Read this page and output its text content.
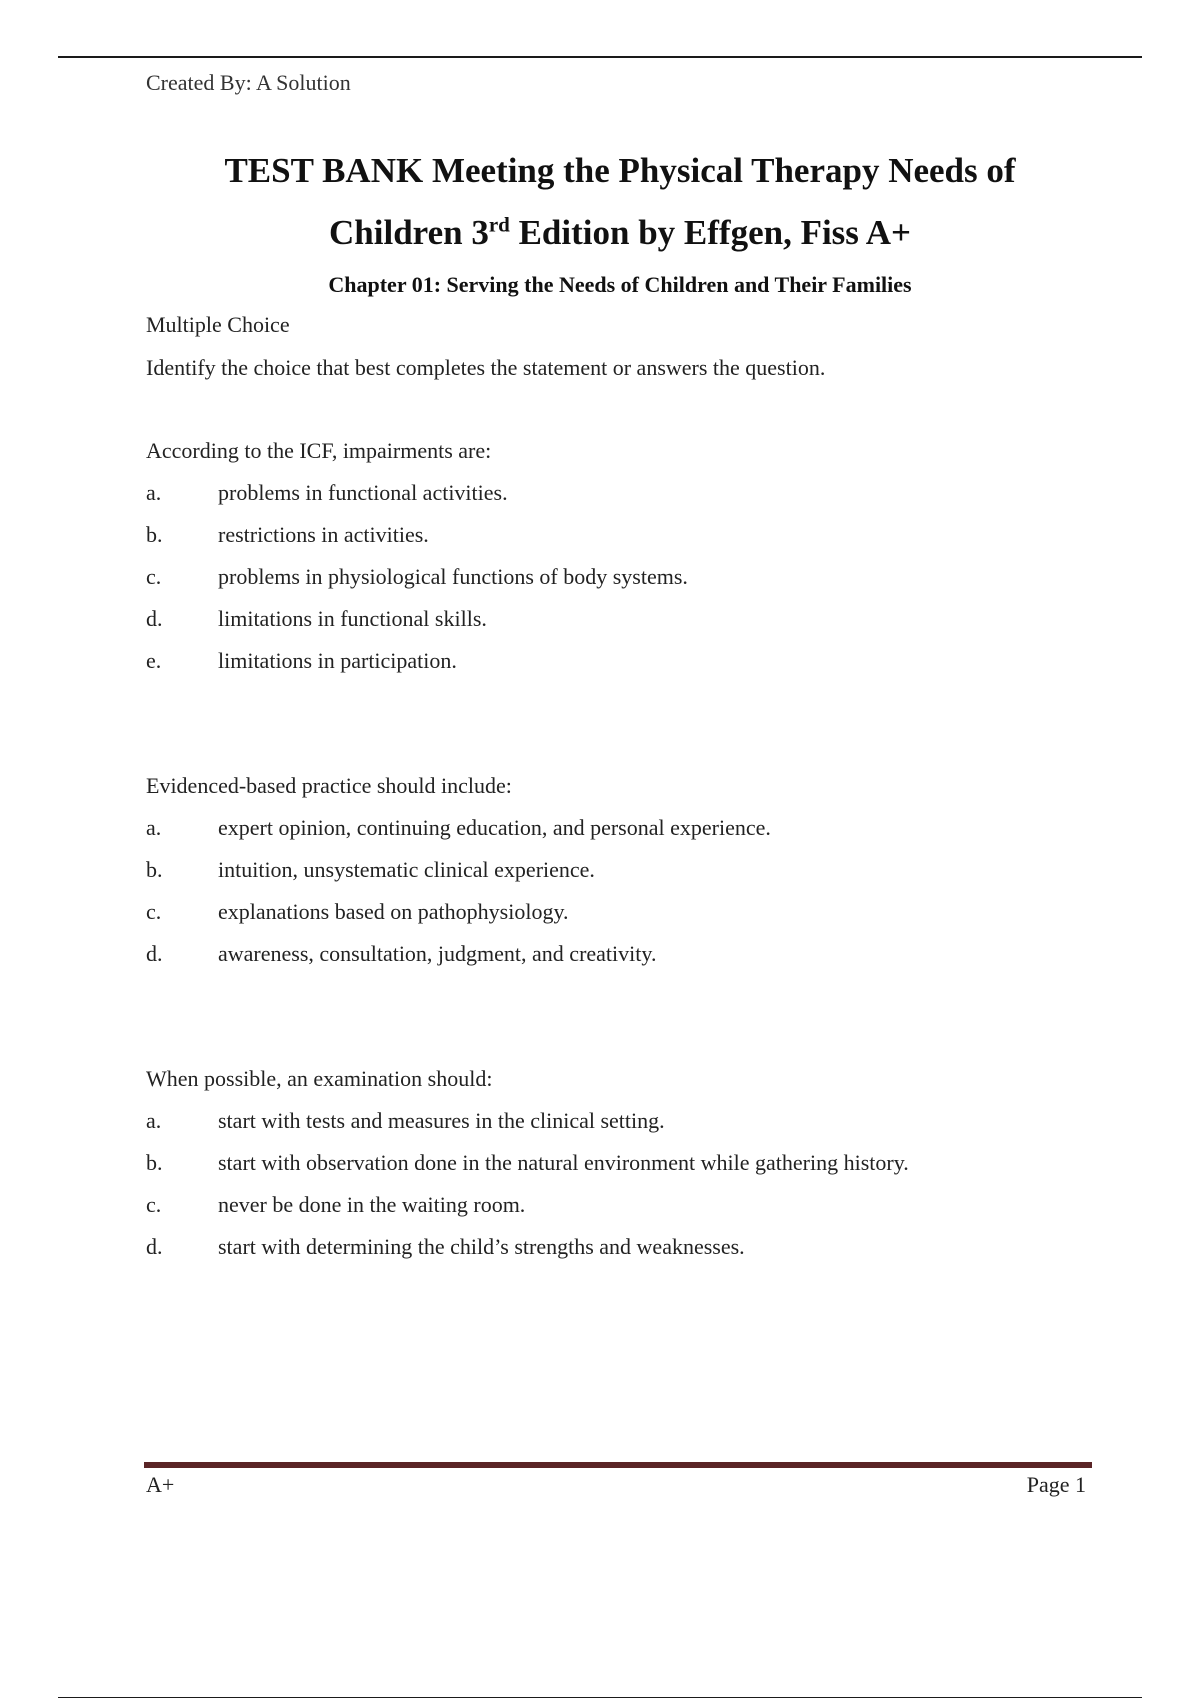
Created By: A Solution
TEST BANK Meeting the Physical Therapy Needs of
Children 3rd Edition by Effgen, Fiss A+
Chapter 01: Serving the Needs of Children and Their Families
Multiple Choice
Identify the choice that best completes the statement or answers the question.
According to the ICF, impairments are:
a.	problems in functional activities.
b.	restrictions in activities.
c.	problems in physiological functions of body systems.
d.	limitations in functional skills.
e.	limitations in participation.
Evidenced-based practice should include:
a.	expert opinion, continuing education, and personal experience.
b.	intuition, unsystematic clinical experience.
c.	explanations based on pathophysiology.
d.	awareness, consultation, judgment, and creativity.
When possible, an examination should:
a.	start with tests and measures in the clinical setting.
b.	start with observation done in the natural environment while gathering history.
c.	never be done in the waiting room.
d.	start with determining the child’s strengths and weaknesses.
A+	Page 1
